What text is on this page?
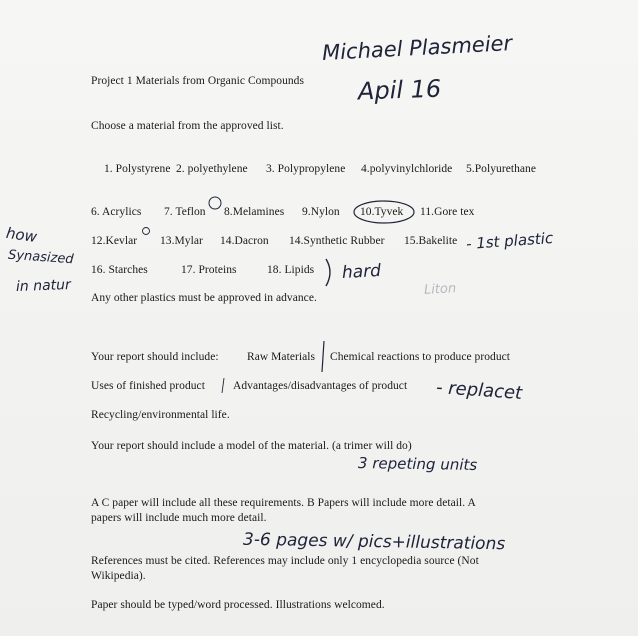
Michael Plasmeier
Apil 16
Project 1 Materials from Organic Compounds
Choose a material from the approved list.
1. Polystyrene 2. polyethylene 3. Polypropylene 4.polyvinylchloride 5.Polyurethane
6. Acrylics 7. Teflon 8.Melamines 9.Nylon 10.Tyvek 11.Gore tex
12.Kevlar 13.Mylar 14.Dacron 14.Synthetic Rubber 15.Bakelite
16. Starches	17. Proteins	18. Lipids
Any other plastics must be approved in advance.
Your report should include: Raw Materials Chemical reactions to produce product
Uses of finished product Advantages/disadvantages of product
Recycling/environmental life.
Your report should include a model of the material. (a trimer will do)
A C paper will include all these requirements. B Papers will include more detail. A
papers will include much more detail.
References must be cited. References may include only 1 encyclopedia source (Not
Wikipedia).
Paper should be typed/word processed. Illustrations welcomed.
how
Synasized
in natur
- 1st plastic
hard
Liton
- replacet
3 repeting units
3-6 pages w/ pics+illustrations
